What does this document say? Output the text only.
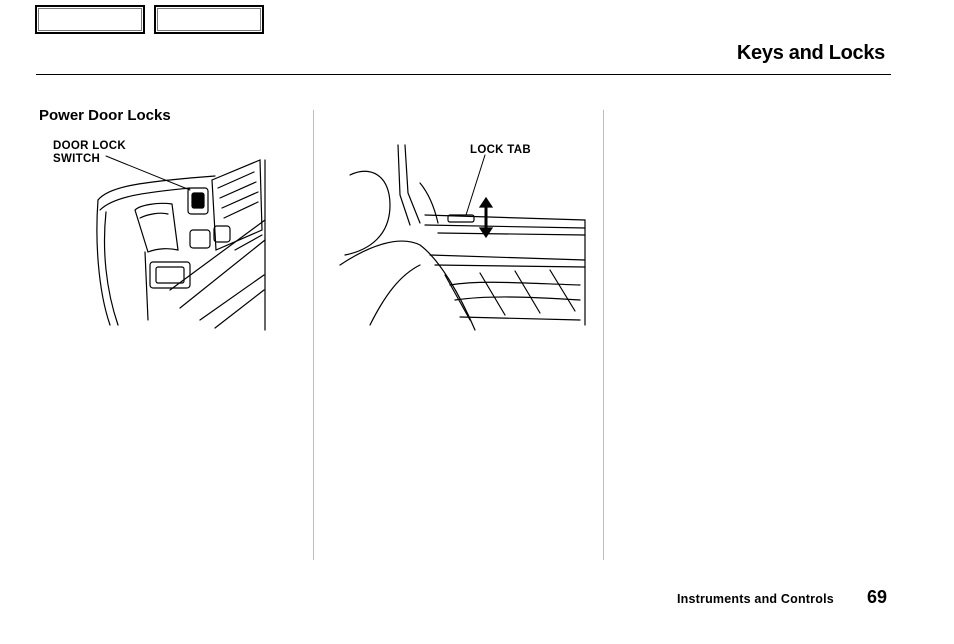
Keys and Locks
Power Door Locks
DOOR LOCK
SWITCH
LOCK TAB
Instruments and Controls 69
